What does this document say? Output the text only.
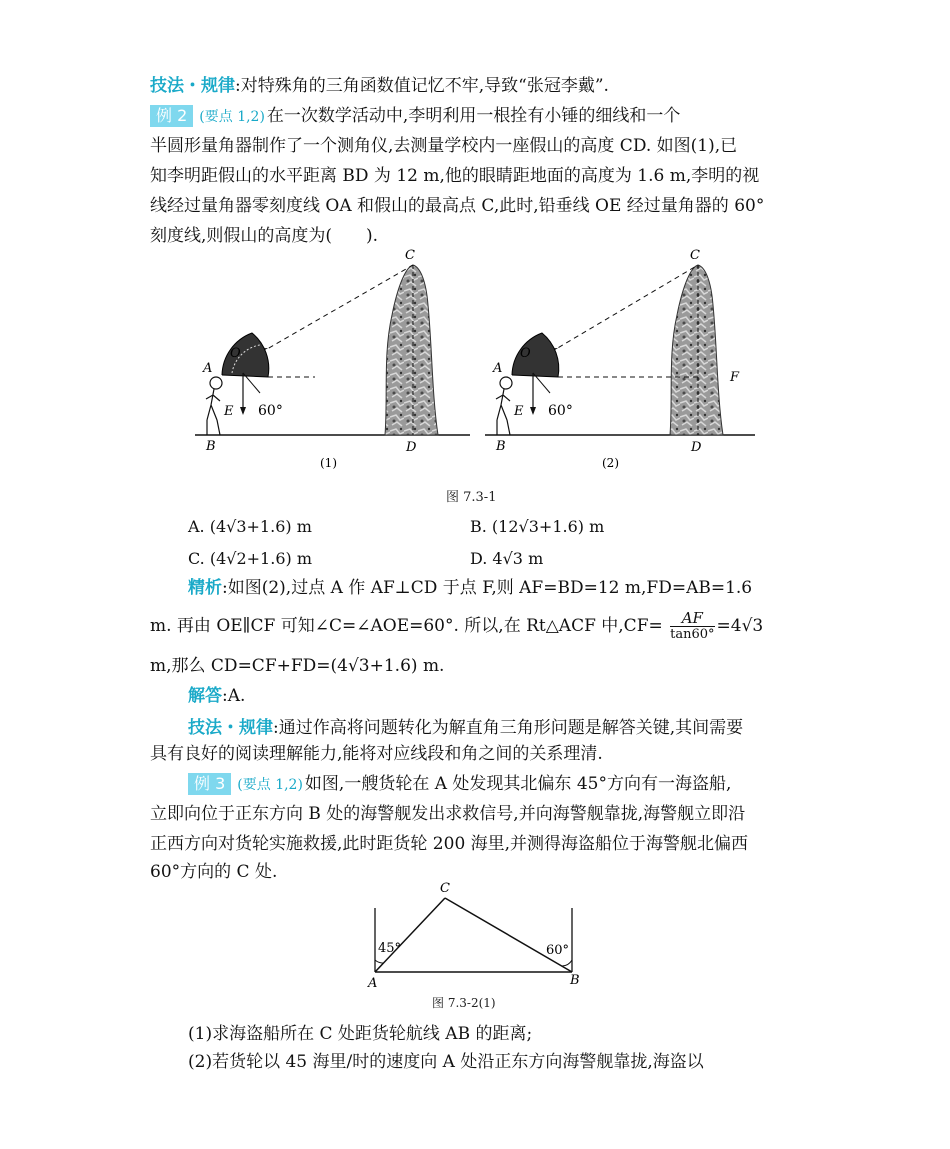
技法・规律:对特殊角的三角函数值记忆不牢,导致“张冠李戴”.
例 2 (要点 1,2) 在一次数学活动中,李明利用一根拴有小锤的细线和一个
半圆形量角器制作了一个测角仪,去测量学校内一座假山的高度 CD. 如图(1),已
知李明距假山的水平距离 BD 为 12 m,他的眼睛距地面的高度为 1.6 m,李明的视
线经过量角器零刻度线 OA 和假山的最高点 C,此时,铅垂线 OE 经过量角器的 60°
刻度线,则假山的高度为(　　).
A
O
E 60°
B
C
D
(1)
A
O
E 60°
B
C
D
F
(2)
图 7.3-1
A. (4√3+1.6) m	B. (12√3+1.6) m
C. (4√2+1.6) m	D. 4√3 m
精析:如图(2),过点 A 作 AF⊥CD 于点 F,则 AF=BD=12 m,FD=AB=1.6
m. 再由 OE∥CF 可知∠C=∠AOE=60°. 所以,在 Rt△ACF 中$,CF= \frac{AF}{\tan 60^\circ} =4√3$
m,那么 CD=CF+FD=(4√3+1.6) m.
解答:A.
技法・规律:通过作高将问题转化为解直角三角形问题是解答关键,其间需要
具有良好的阅读理解能力,能将对应线段和角之间的关系理清.
例 3 (要点 1,2) 如图,一艘货轮在 A 处发现其北偏东 45°方向有一海盗船,
立即向位于正东方向 B 处的海警舰发出求救信号,并向海警舰靠拢,海警舰立即沿
正西方向对货轮实施救援,此时距货轮 200 海里,并测得海盗船位于海警舰北偏西
60°方向的 C 处.
45°	60°
C
A	B
图 7.3-2(1)
(1)求海盗船所在 C 处距货轮航线 AB 的距离;
(2)若货轮以 45 海里/时的速度向 A 处沿正东方向海警舰靠拢,海盗以
